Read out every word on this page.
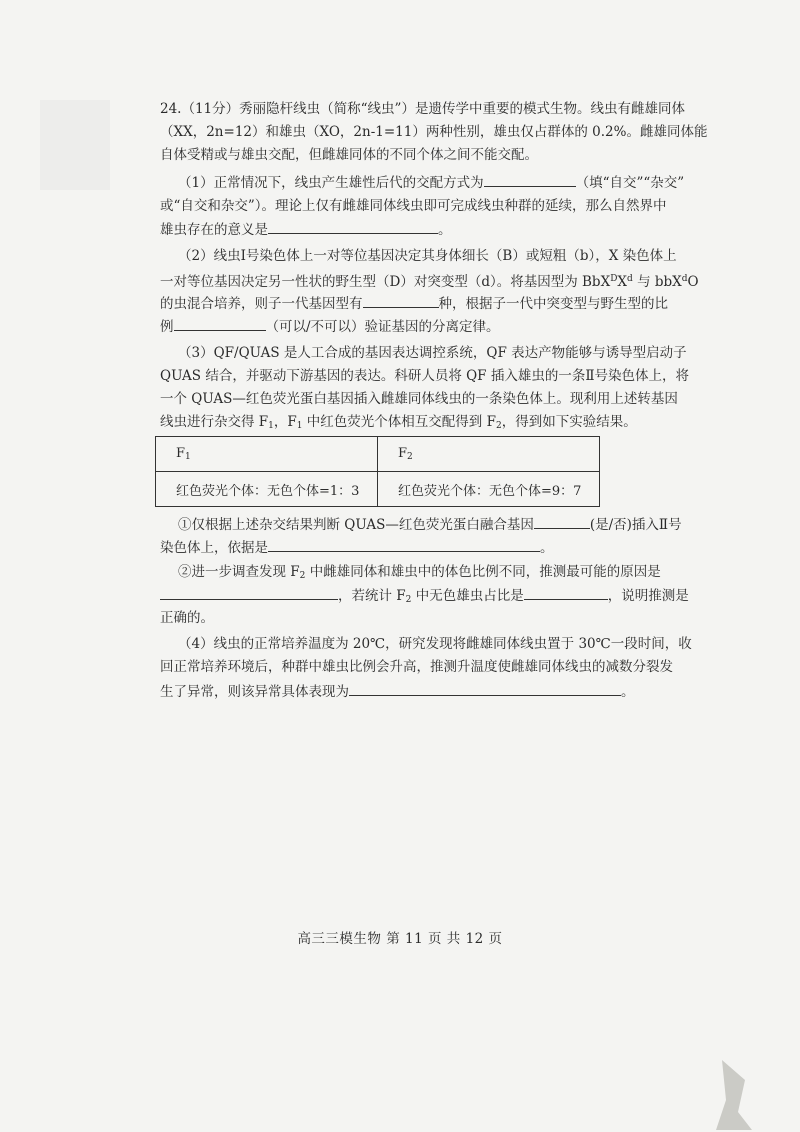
24.（11分）秀丽隐杆线虫（简称“线虫”）是遗传学中重要的模式生物。线虫有雌雄同体
（XX，2n=12）和雄虫（XO，2n-1=11）两种性别，雄虫仅占群体的 0.2%。雌雄同体能
自体受精或与雄虫交配，但雌雄同体的不同个体之间不能交配。
（1）正常情况下，线虫产生雄性后代的交配方式为	（填“自交”“杂交”
或“自交和杂交”）。理论上仅有雌雄同体线虫即可完成线虫种群的延续，那么自然界中
雄虫存在的意义是	。
（2）线虫Ⅰ号染色体上一对等位基因决定其身体细长（B）或短粗（b），X 染色体上
一对等位基因决定另一性状的野生型（D）对突变型（d）。将基因型为 $BbX^DX^d$ 与 bbX$^d$O
的虫混合培养，则子一代基因型有	种，根据子一代中突变型与野生型的比
例	（可以/不可以）验证基因的分离定律。
（3）QF/QUAS 是人工合成的基因表达调控系统，QF 表达产物能够与诱导型启动子
QUAS 结合，并驱动下游基因的表达。科研人员将 QF 插入雄虫的一条Ⅱ号染色体上，将
一个 QUAS—红色荧光蛋白基因插入雌雄同体线虫的一条染色体上。现利用上述转基因
线虫进行杂交得 $F_1$，$F_1$ 中红色荧光个体相互交配得到 $F_2$，得到如下实验结果。
$F_1$	$F_2$
红色荧光个体：无色个体=1：3	红色荧光个体：无色个体=9：7
①仅根据上述杂交结果判断 QUAS—红色荧光蛋白融合基因	(是/否)插入Ⅱ号
染色体上，依据是	。
②进一步调查发现 $F_2$ 中雌雄同体和雄虫中的体色比例不同，推测最可能的原因是
，若统计 $F_2$ 中无色雄虫占比是	，说明推测是
正确的。
（4）线虫的正常培养温度为 20℃，研究发现将雌雄同体线虫置于 30℃一段时间，收
回正常培养环境后，种群中雄虫比例会升高，推测升温度使雌雄同体线虫的减数分裂发
生了异常，则该异常具体表现为	。
高三三模生物 第 11 页 共 12 页
